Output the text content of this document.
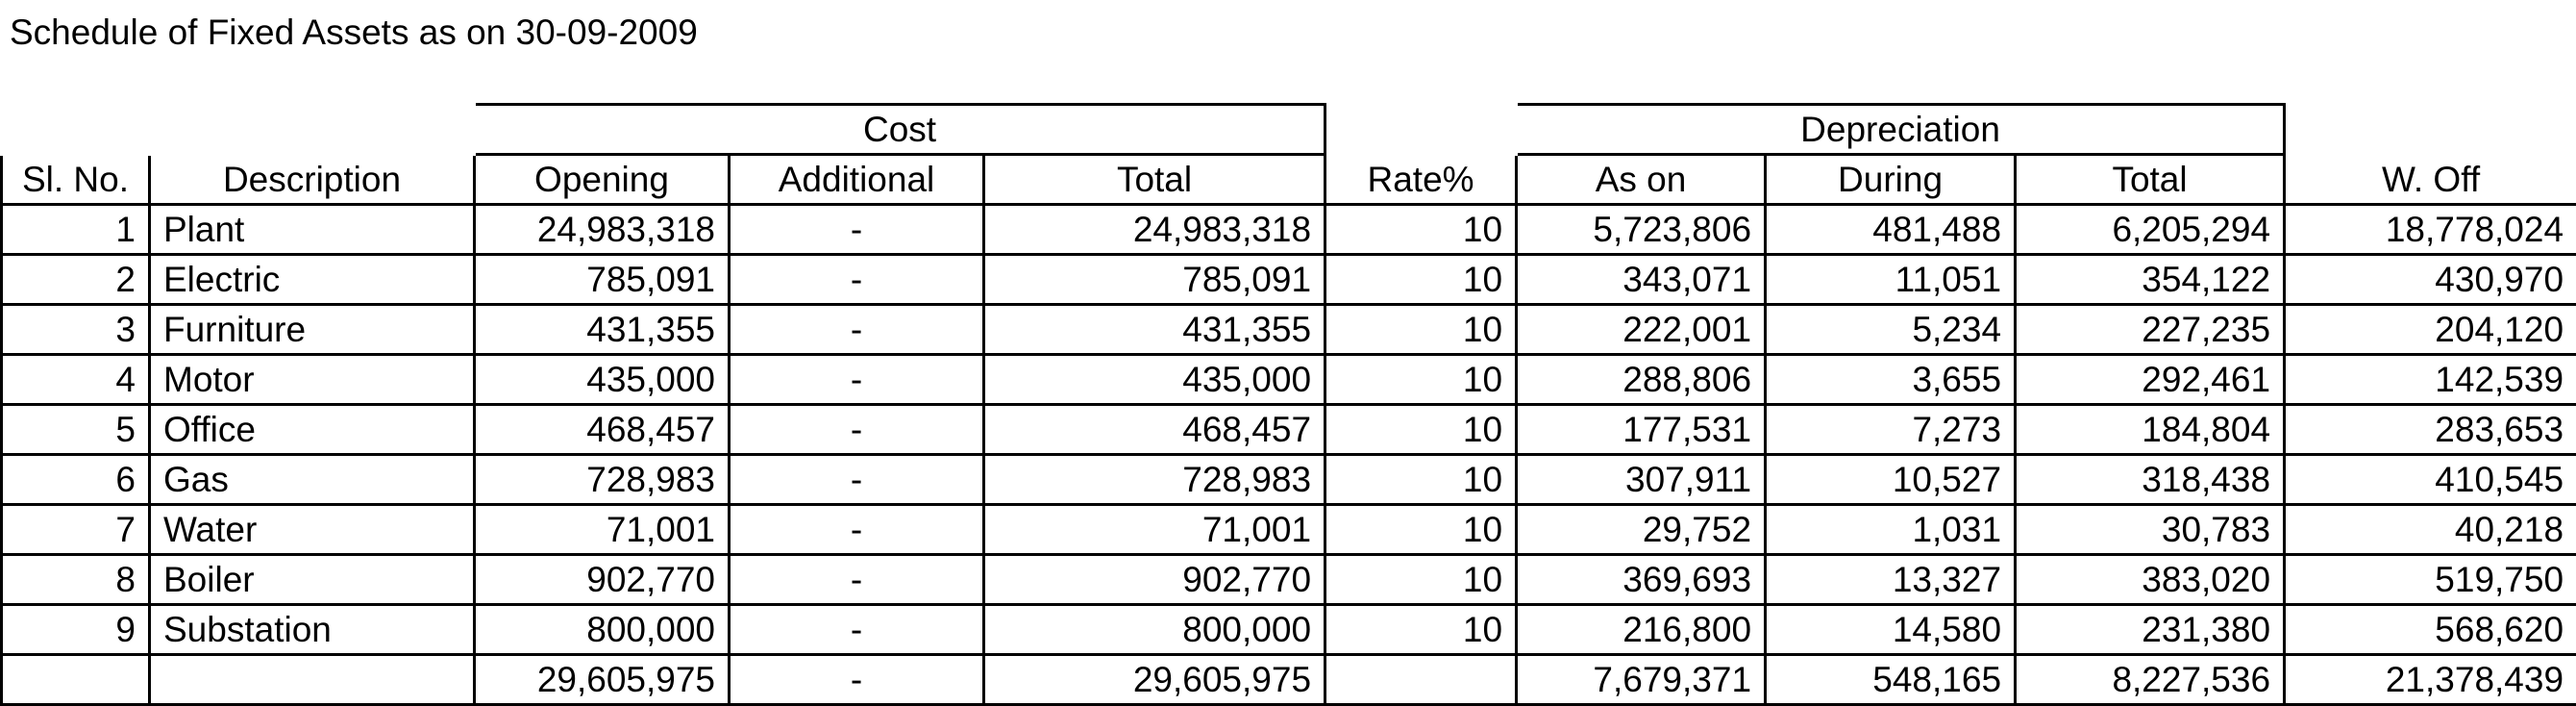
Schedule of Fixed Assets as on 30-09-2009
		Cost				Depreciation			
Sl. No.	Description	Opening	Additional	Total	Rate%	As on	During	Total	W. Off
1	Plant	24,983,318	-	24,983,318	10	5,723,806	481,488	6,205,294	18,778,024
2	Electric	785,091	-	785,091	10	343,071	11,051	354,122	430,970
3	Furniture	431,355	-	431,355	10	222,001	5,234	227,235	204,120
4	Motor	435,000	-	435,000	10	288,806	3,655	292,461	142,539
5	Office	468,457	-	468,457	10	177,531	7,273	184,804	283,653
6	Gas	728,983	-	728,983	10	307,911	10,527	318,438	410,545
7	Water	71,001	-	71,001	10	29,752	1,031	30,783	40,218
8	Boiler	902,770	-	902,770	10	369,693	13,327	383,020	519,750
9	Substation	800,000	-	800,000	10	216,800	14,580	231,380	568,620
		29,605,975	-	29,605,975		7,679,371	548,165	8,227,536	21,378,439
